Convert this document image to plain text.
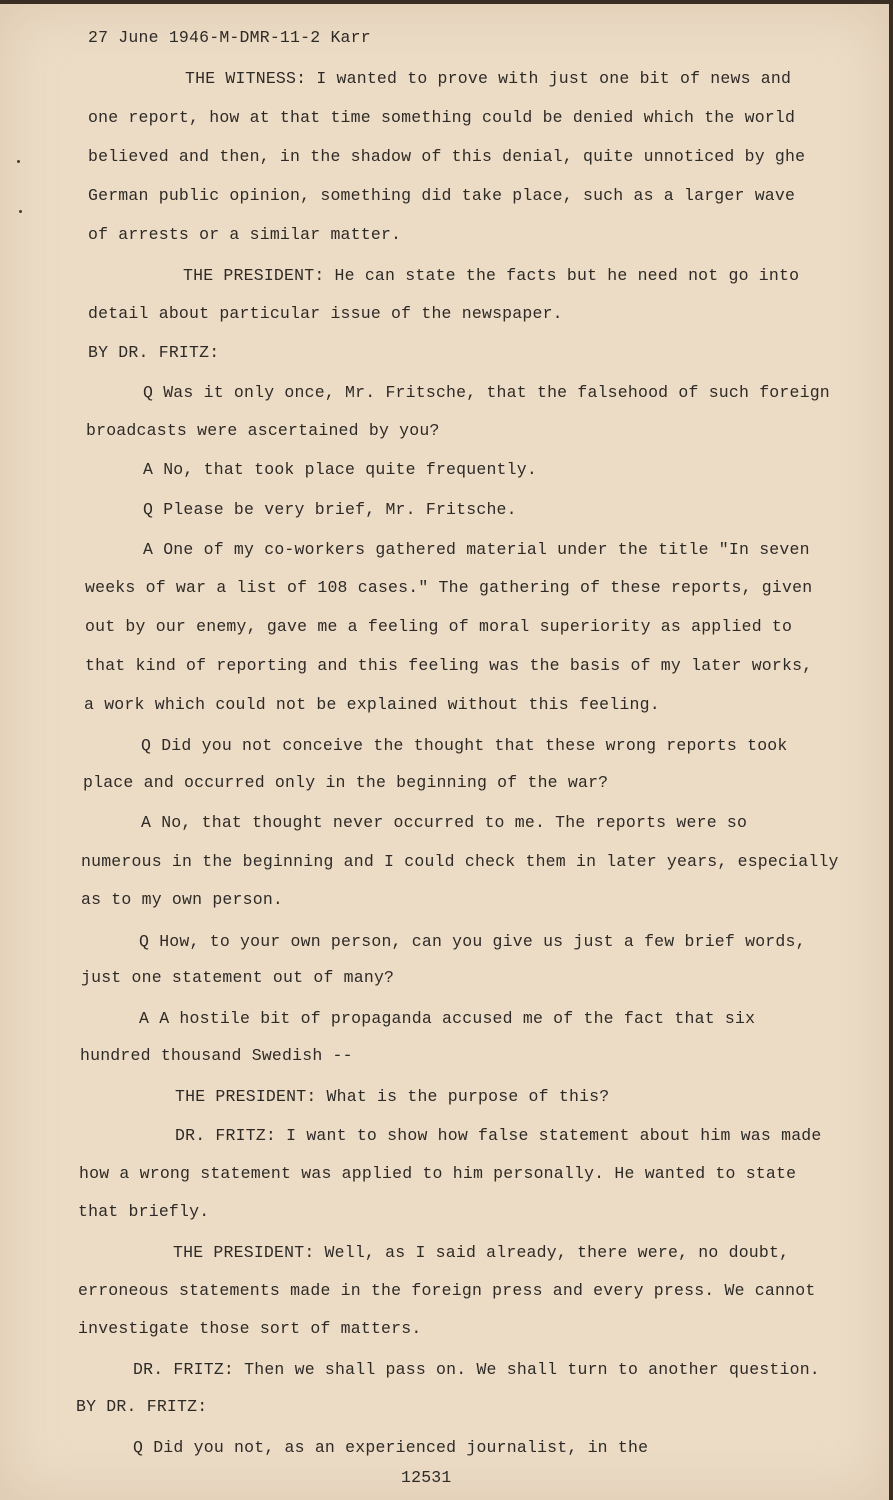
27 June 1946-M-DMR-11-2 Karr
THE WITNESS: I wanted to prove with just one bit of news and
one report, how at that time something could be denied which the world
believed and then, in the shadow of this denial, quite unnoticed by ghe
German public opinion, something did take place, such as a larger wave
of arrests or a similar matter.
THE PRESIDENT: He can state the facts but he need not go into
detail about particular issue of the newspaper.
BY DR. FRITZ:
Q Was it only once, Mr. Fritsche, that the falsehood of such foreign
broadcasts were ascertained by you?
A No, that took place quite frequently.
Q Please be very brief, Mr. Fritsche.
A One of my co-workers gathered material under the title "In seven
weeks of war a list of 108 cases." The gathering of these reports, given
out by our enemy, gave me a feeling of moral superiority as applied to
that kind of reporting and this feeling was the basis of my later works,
a work which could not be explained without this feeling.
Q Did you not conceive the thought that these wrong reports took
place and occurred only in the beginning of the war?
A No, that thought never occurred to me. The reports were so
numerous in the beginning and I could check them in later years, especially
as to my own person.
Q How, to your own person, can you give us just a few brief words,
just one statement out of many?
A A hostile bit of propaganda accused me of the fact that six
hundred thousand Swedish --
THE PRESIDENT: What is the purpose of this?
DR. FRITZ: I want to show how false statement about him was made
how a wrong statement was applied to him personally. He wanted to state
that briefly.
THE PRESIDENT: Well, as I said already, there were, no doubt,
erroneous statements made in the foreign press and every press. We cannot
investigate those sort of matters.
DR. FRITZ: Then we shall pass on. We shall turn to another question.
BY DR. FRITZ:
Q Did you not, as an experienced journalist, in the
12531
